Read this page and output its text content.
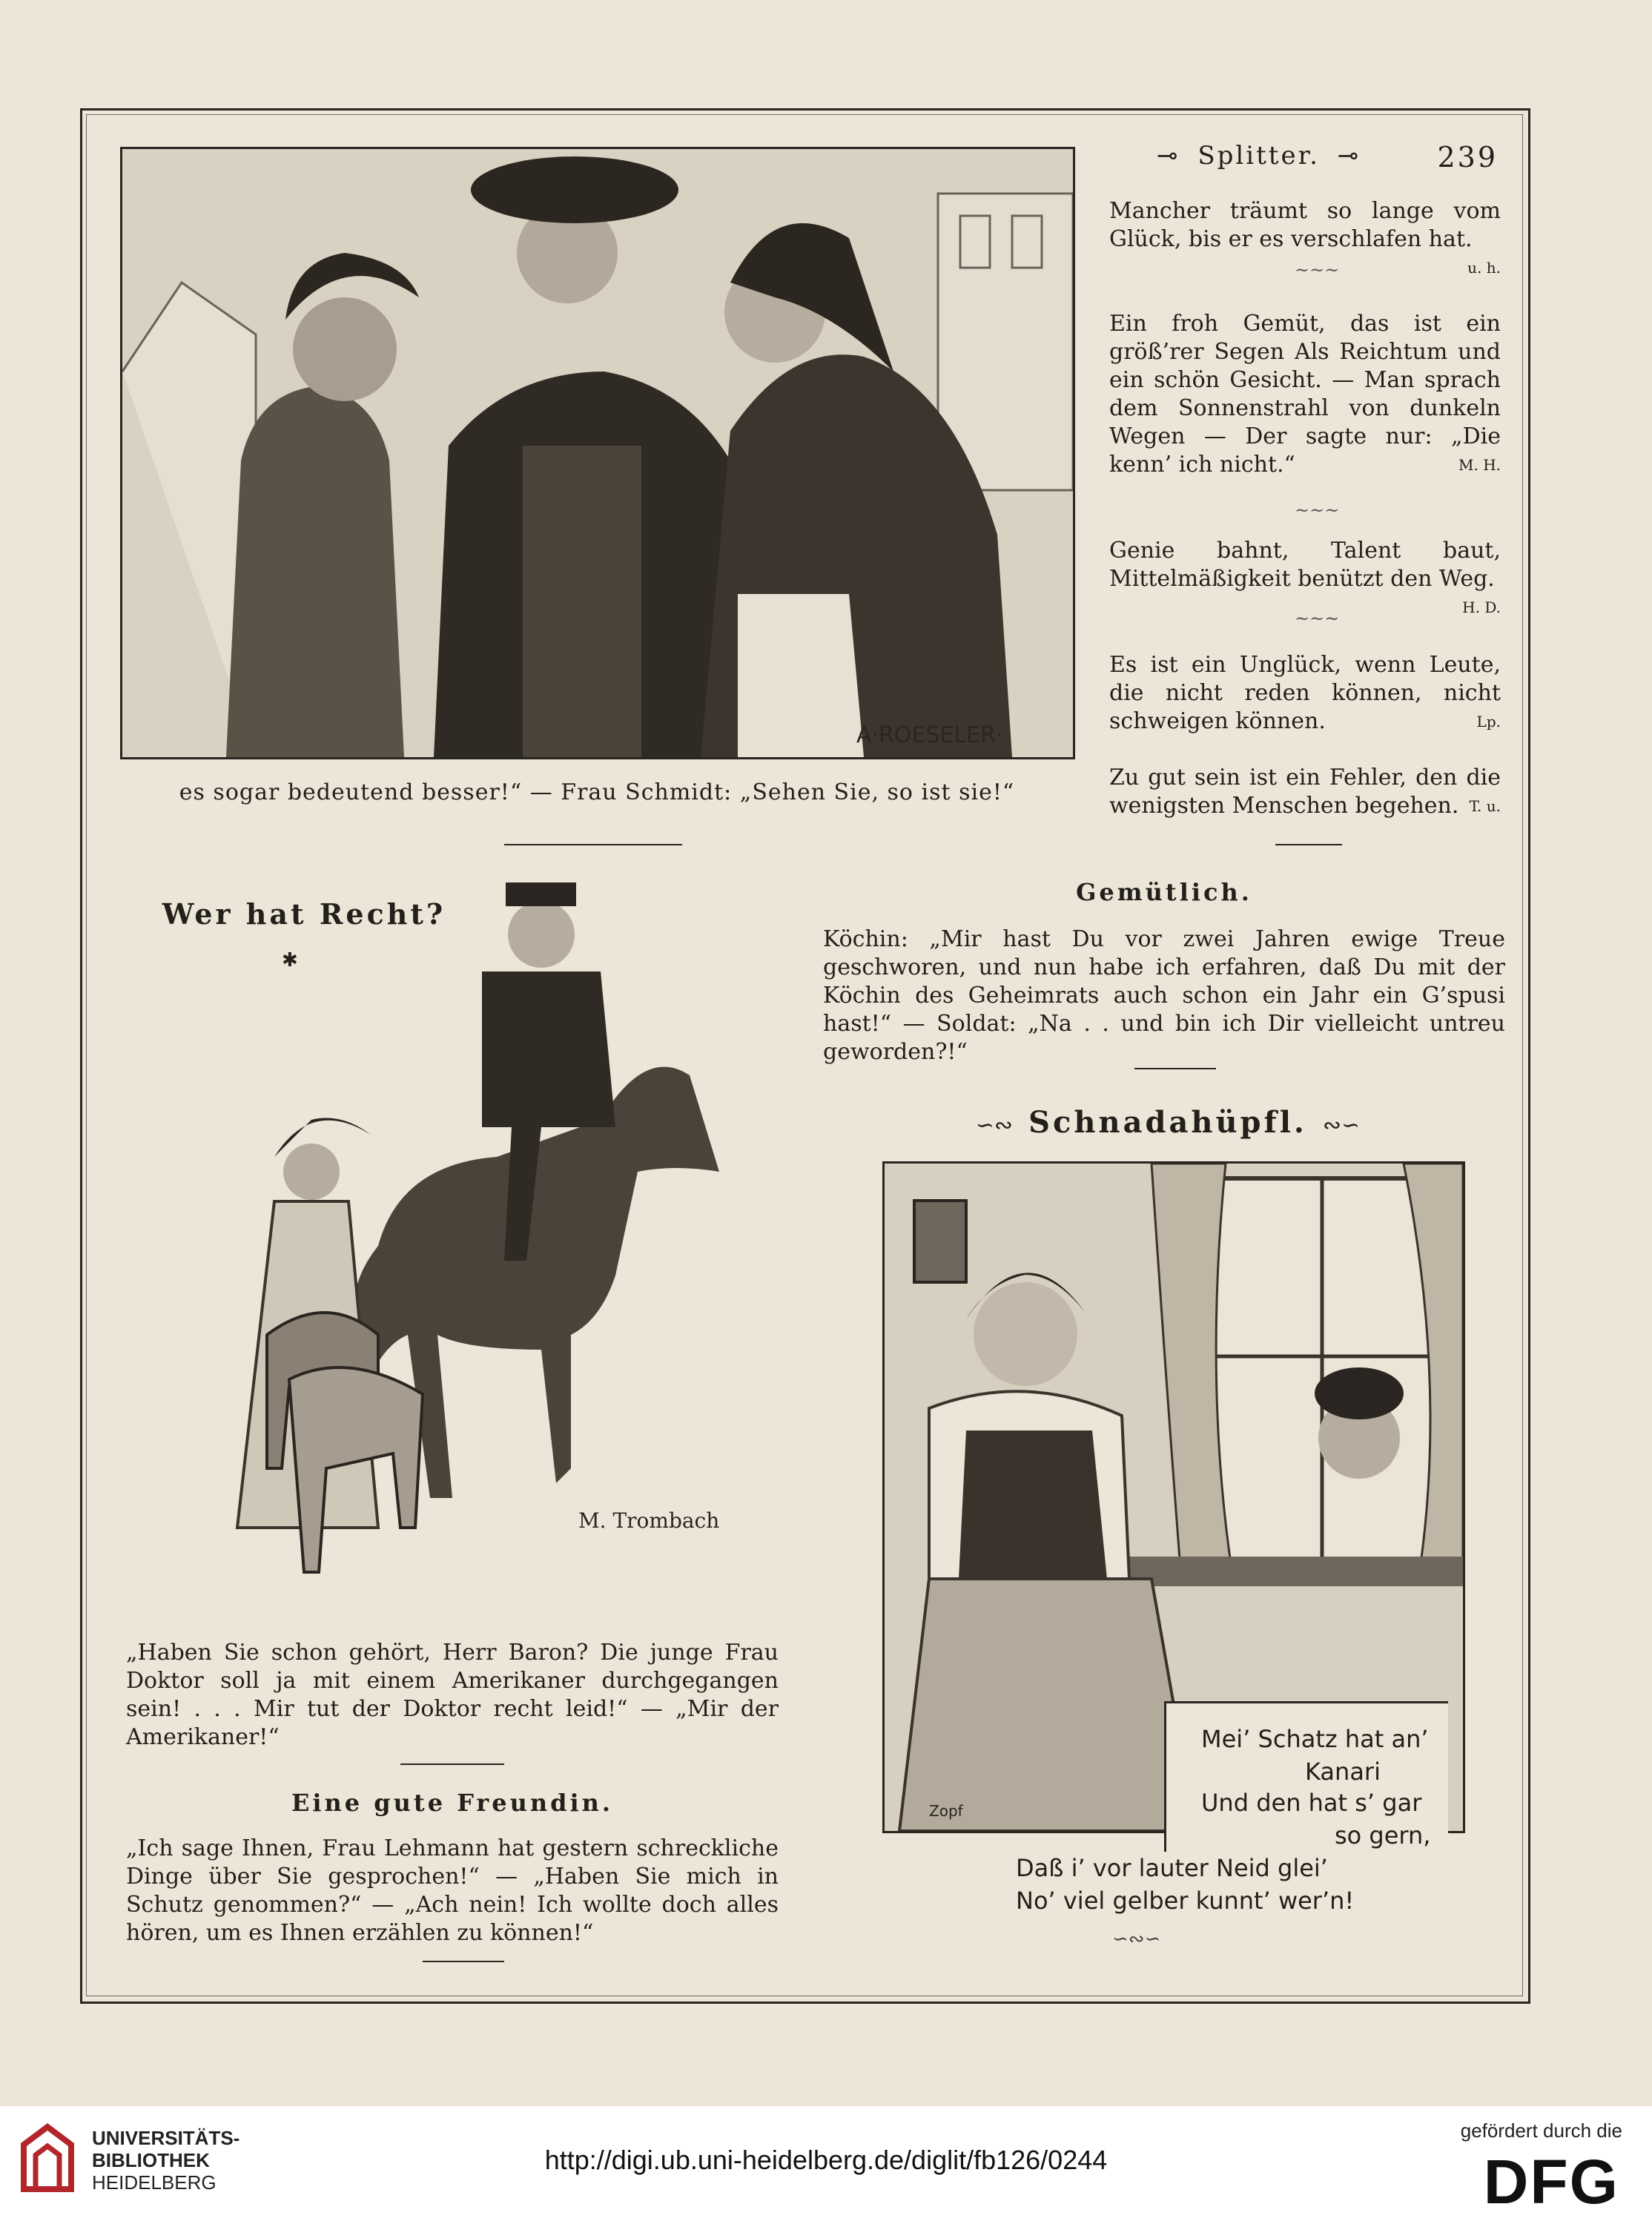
⊸ Splitter. ⊸	239
A·ROESELER·
es sogar bedeutend besser!“ — Frau Schmidt: „Sehen Sie, so ist sie!“
Mancher träumt so lange vom Glück, bis er es verschlafen hat.
u. h.
~~~
Ein froh Gemüt, das ist ein größ’rer Segen Als Reichtum und ein schön Gesicht. — Man sprach dem Sonnenstrahl von dunkeln Wegen — Der sagte nur: „Die kenn’ ich nicht.“	M. H.
~~~
Genie bahnt, Talent baut, Mittelmäßigkeit benützt den Weg.
H. D.
~~~
Es ist ein Unglück, wenn Leute, die nicht reden können, nicht schweigen können.	Lp.
Zu gut sein ist ein Fehler, den die wenigsten Menschen begehen. T. u.
Wer hat Recht?
✱
M. Trombach
„Haben Sie schon gehört, Herr Baron? Die junge Frau Doktor soll ja mit einem Amerikaner durchgegangen sein! . . . Mir tut der Doktor recht leid!“ — „Mir der Amerikaner!“
Eine gute Freundin.
„Ich sage Ihnen, Frau Lehmann hat gestern schreckliche Dinge über Sie gesprochen!“ — „Haben Sie mich in Schutz genommen?“ — „Ach nein! Ich wollte doch alles hören, um es Ihnen erzählen zu können!“
Gemütlich.
Köchin: „Mir hast Du vor zwei Jahren ewige Treue geschworen, und nun habe ich erfahren, daß Du mit der Köchin des Geheimrats auch schon ein Jahr ein G’spusi hast!“ — Soldat: „Na . . und bin ich Dir vielleicht untreu geworden?!“
∽∾ Schnadahüpfl. ∾∽
Zopf
Mei’ Schatz hat an’
Kanari
Und den hat s’ gar
so gern,
Daß i’ vor lauter Neid glei’
No’ viel gelber kunnt’ wer’n!
∽∾∽
UNIVERSITÄTS-
BIBLIOTHEK
HEIDELBERG
http://digi.ub.uni-heidelberg.de/diglit/fb126/0244
gefördert durch die
DFG
